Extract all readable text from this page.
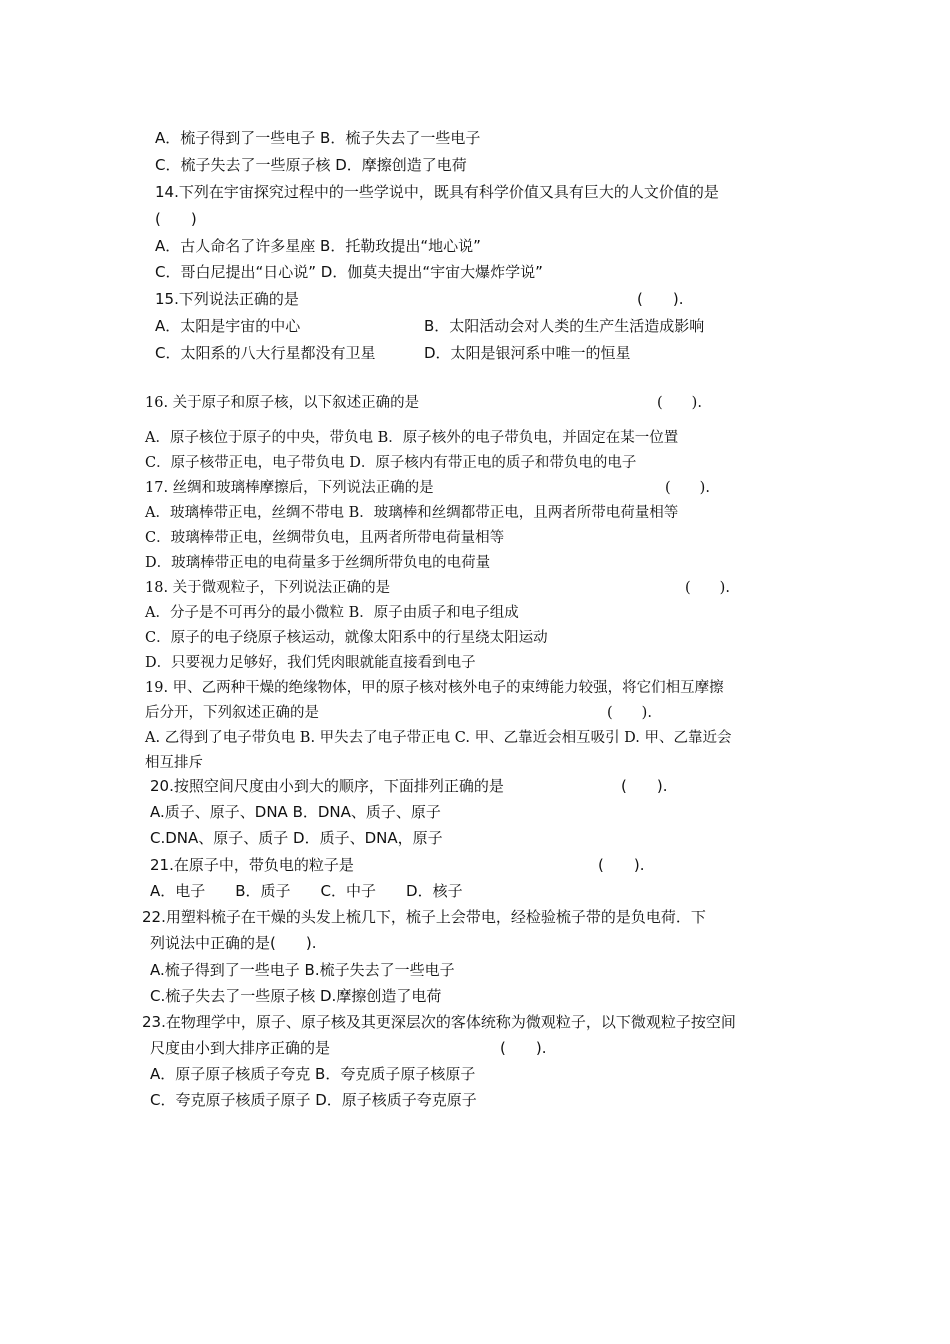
A．梳子得到了一些电子 B．梳子失去了一些电子
C．梳子失去了一些原子核 D．摩擦创造了电荷
14.下列在宇宙探究过程中的一些学说中，既具有科学价值又具有巨大的人文价值的是
(　　)
A．古人命名了许多星座 B．托勒玫提出“地心说”
C．哥白尼提出“日心说” D．伽莫夫提出“宇宙大爆炸学说”
15.下列说法正确的是	(　　).
A．太阳是宇宙的中心	B．太阳活动会对人类的生产生活造成影响
C．太阳系的八大行星都没有卫星	D．太阳是银河系中唯一的恒星
16. 关于原子和原子核，以下叙述正确的是	(　　).
A．原子核位于原子的中央，带负电 B．原子核外的电子带负电，并固定在某一位置
C．原子核带正电，电子带负电 D．原子核内有带正电的质子和带负电的电子
17. 丝绸和玻璃棒摩擦后，下列说法正确的是	(　　).
A．玻璃棒带正电，丝绸不带电 B．玻璃棒和丝绸都带正电，且两者所带电荷量相等
C．玻璃棒带正电，丝绸带负电，且两者所带电荷量相等
D．玻璃棒带正电的电荷量多于丝绸所带负电的电荷量
18. 关于微观粒子，下列说法正确的是	(　　).
A．分子是不可再分的最小微粒 B．原子由质子和电子组成
C．原子的电子绕原子核运动，就像太阳系中的行星绕太阳运动
D．只要视力足够好，我们凭肉眼就能直接看到电子
19. 甲、乙两种干燥的绝缘物体，甲的原子核对核外电子的束缚能力较强，将它们相互摩擦
后分开，下列叙述正确的是	(　　).
A. 乙得到了电子带负电 B. 甲失去了电子带正电 C. 甲、乙靠近会相互吸引 D. 甲、乙靠近会
相互排斥
20.按照空间尺度由小到大的顺序，下面排列正确的是	(　　).
A.质子、原子、DNA B．DNA、质子、原子
C.DNA、原子、质子 D．质子、DNA，原子
21.在原子中，带负电的粒子是	(　　).
A．电子　　B．质子　　C．中子　　D．核子
22.用塑料梳子在干燥的头发上梳几下，梳子上会带电，经检验梳子带的是负电荷．下
列说法中正确的是(　　).
A.梳子得到了一些电子 B.梳子失去了一些电子
C.梳子失去了一些原子核 D.摩擦创造了电荷
23.在物理学中，原子、原子核及其更深层次的客体统称为微观粒子，以下微观粒子按空间
尺度由小到大排序正确的是	(　　).
A．原子原子核质子夸克 B．夸克质子原子核原子
C．夸克原子核质子原子 D．原子核质子夸克原子
